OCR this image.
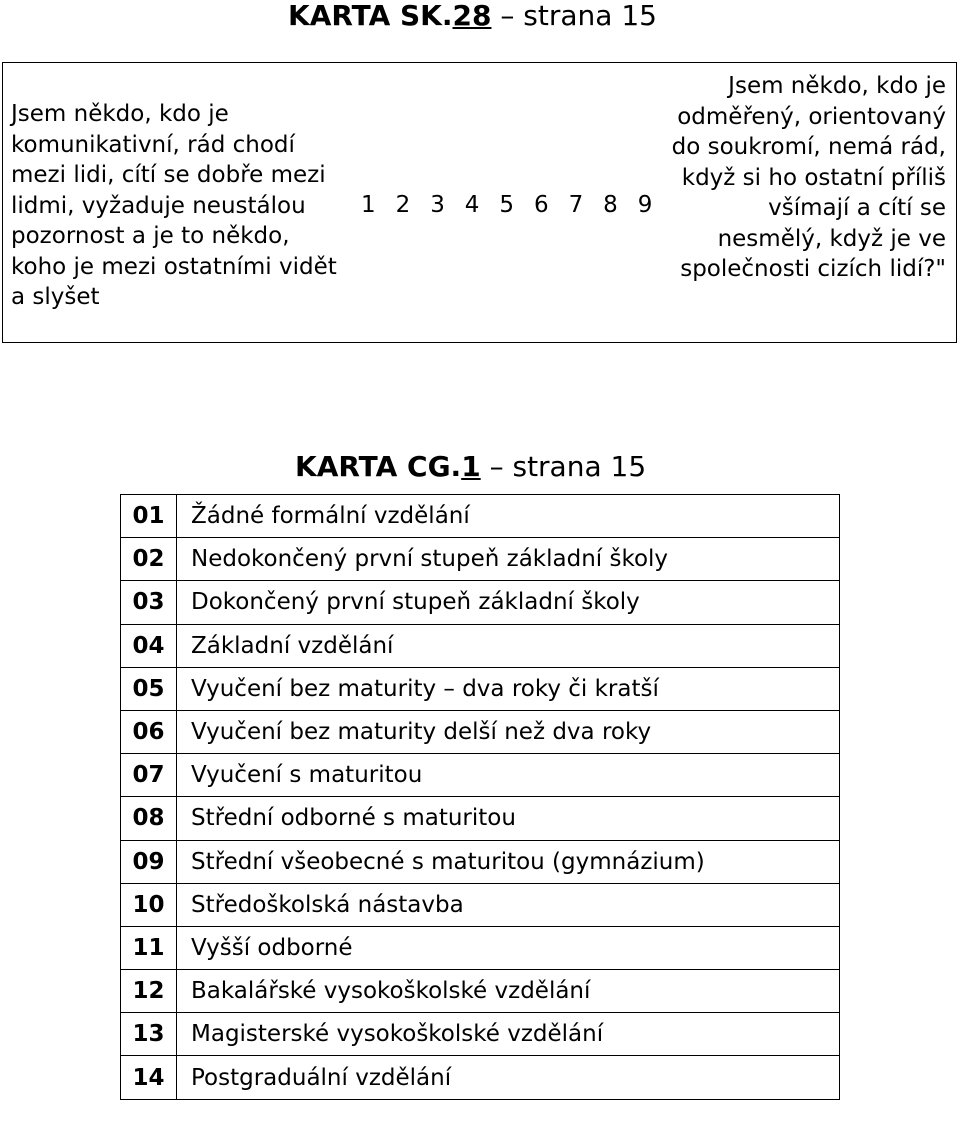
KARTA SK.28 – strana 15
Jsem někdo, kdo je komunikativní, rád chodí mezi lidi, cítí se dobře mezi lidmi, vyžaduje neustálou pozornost a je to někdo, koho je mezi ostatními vidět a slyšet
1 2 3 4 5 6 7 8 9
Jsem někdo, kdo je odměřený, orientovaný do soukromí, nemá rád, když si ho ostatní příliš všímají a cítí se nesmělý, když je ve společnosti cizích lidí?"
KARTA CG.1 – strana 15
01	Žádné formální vzdělání
02	Nedokončený první stupeň základní školy
03	Dokončený první stupeň základní školy
04	Základní vzdělání
05	Vyučení bez maturity – dva roky či kratší
06	Vyučení bez maturity delší než dva roky
07	Vyučení s maturitou
08	Střední odborné s maturitou
09	Střední všeobecné s maturitou (gymnázium)
10	Středoškolská nástavba
11	Vyšší odborné
12	Bakalářské vysokoškolské vzdělání
13	Magisterské vysokoškolské vzdělání
14	Postgraduální vzdělání
